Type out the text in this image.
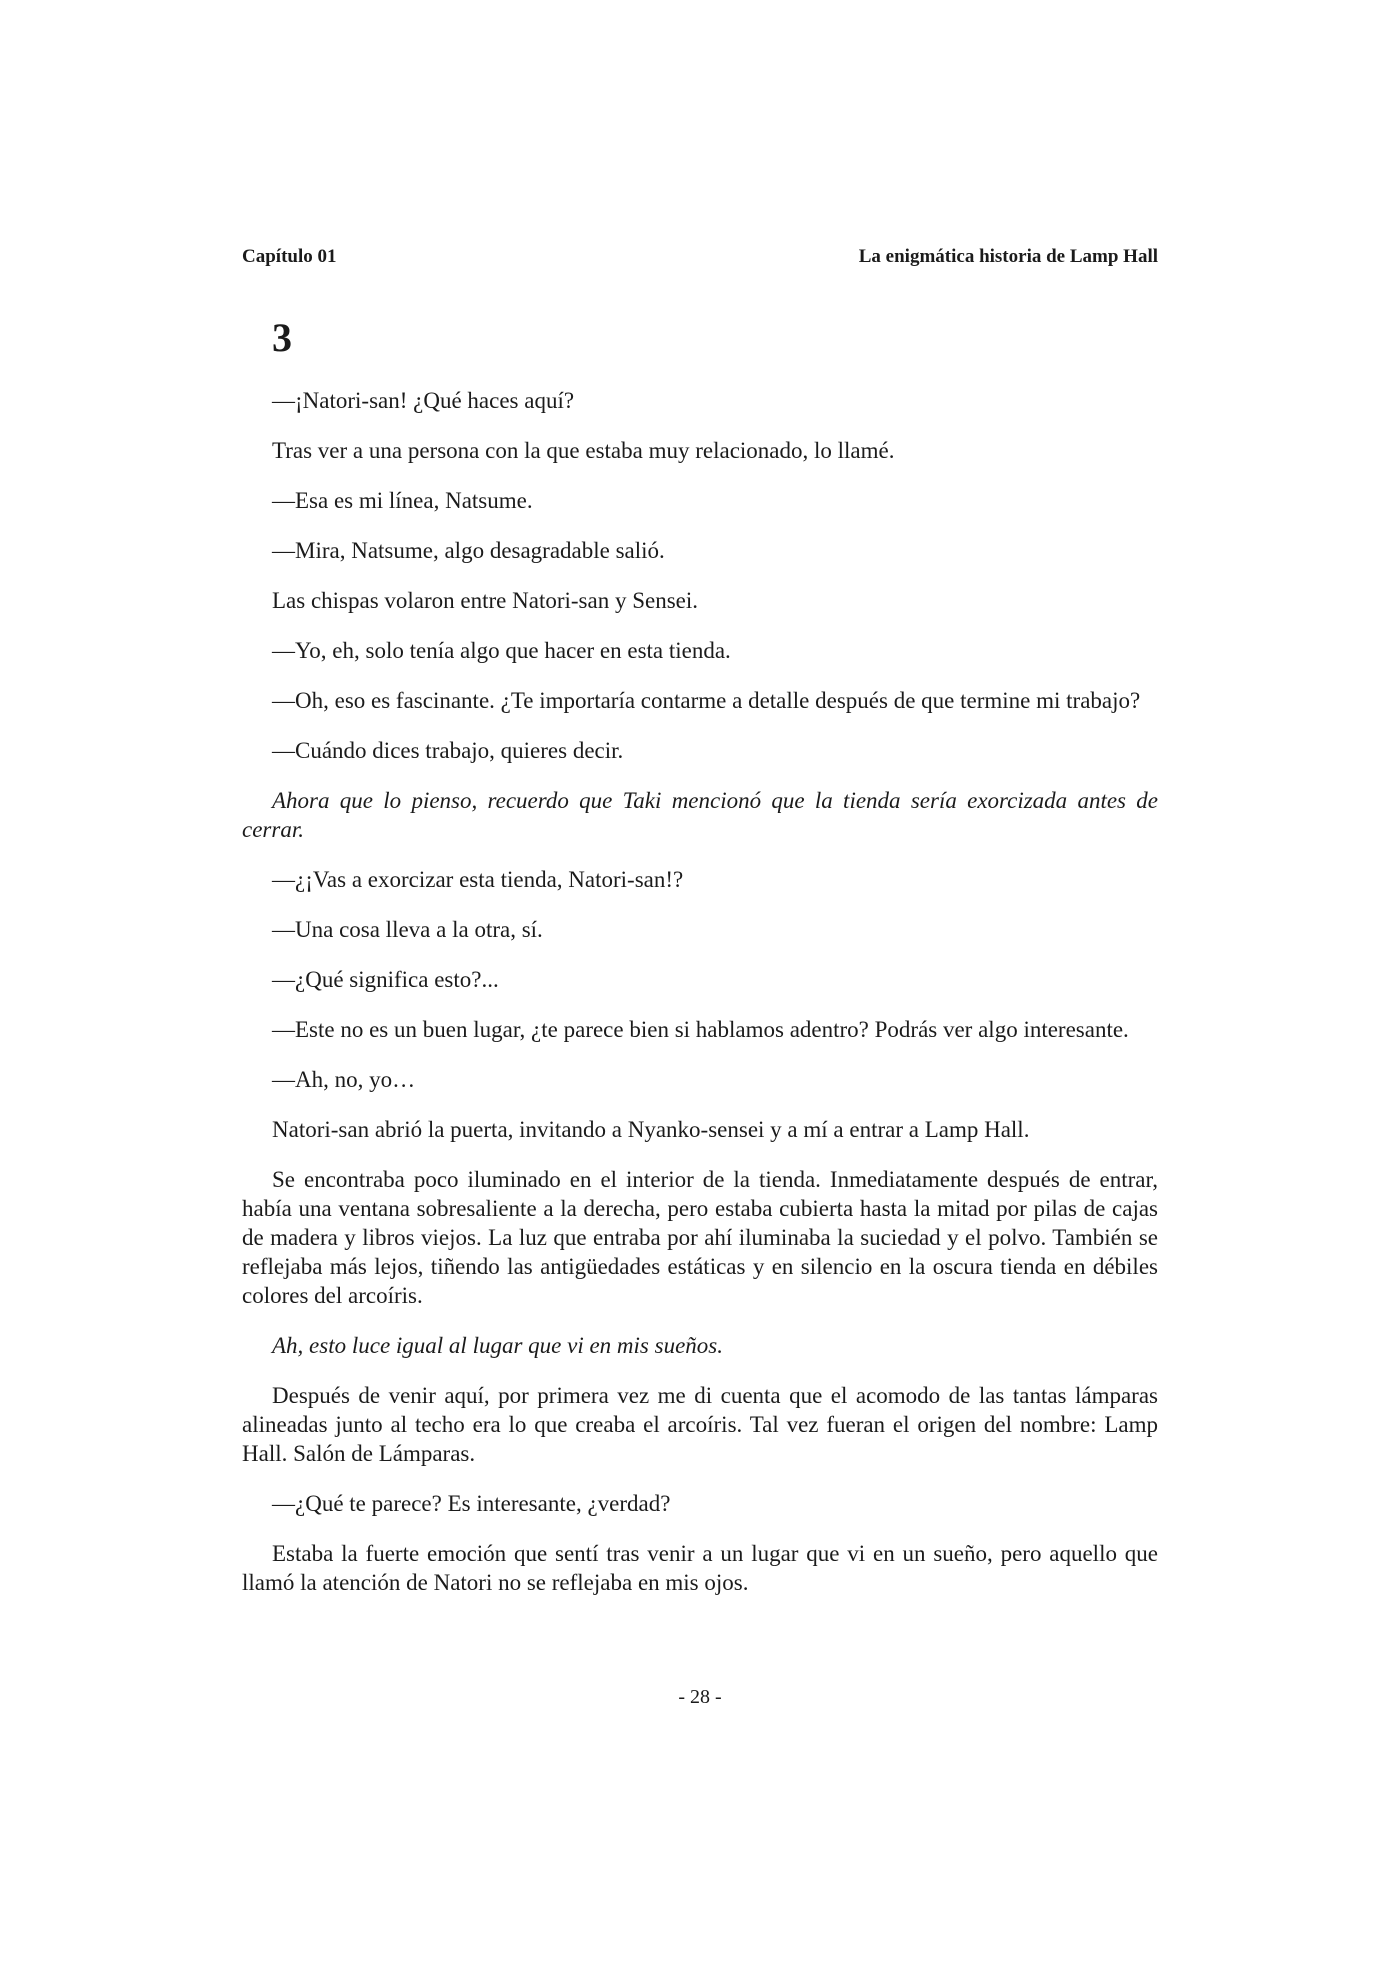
Capítulo 01	La enigmática historia de Lamp Hall
3

—¡Natori-san! ¿Qué haces aquí?

Tras ver a una persona con la que estaba muy relacionado, lo llamé.

—Esa es mi línea, Natsume.

—Mira, Natsume, algo desagradable salió.

Las chispas volaron entre Natori-san y Sensei.

—Yo, eh, solo tenía algo que hacer en esta tienda.

—Oh, eso es fascinante. ¿Te importaría contarme a detalle después de que termine mi trabajo?

—Cuándo dices trabajo, quieres decir.

Ahora que lo pienso, recuerdo que Taki mencionó que la tienda sería exorcizada antes de cerrar.

—¿¡Vas a exorcizar esta tienda, Natori-san!?

—Una cosa lleva a la otra, sí.

—¿Qué significa esto?...

—Este no es un buen lugar, ¿te parece bien si hablamos adentro? Podrás ver algo interesante.

—Ah, no, yo…

Natori-san abrió la puerta, invitando a Nyanko-sensei y a mí a entrar a Lamp Hall.

Se encontraba poco iluminado en el interior de la tienda. Inmediatamente después de entrar, había una ventana sobresaliente a la derecha, pero estaba cubierta hasta la mitad por pilas de cajas de madera y libros viejos. La luz que entraba por ahí iluminaba la suciedad y el polvo. También se reflejaba más lejos, tiñendo las antigüedades estáticas y en silencio en la oscura tienda en débiles colores del arcoíris.

Ah, esto luce igual al lugar que vi en mis sueños.

Después de venir aquí, por primera vez me di cuenta que el acomodo de las tantas lámparas alineadas junto al techo era lo que creaba el arcoíris. Tal vez fueran el origen del nombre: Lamp Hall. Salón de Lámparas.

—¿Qué te parece? Es interesante, ¿verdad?

Estaba la fuerte emoción que sentí tras venir a un lugar que vi en un sueño, pero aquello que llamó la atención de Natori no se reflejaba en mis ojos.

- 28 -
